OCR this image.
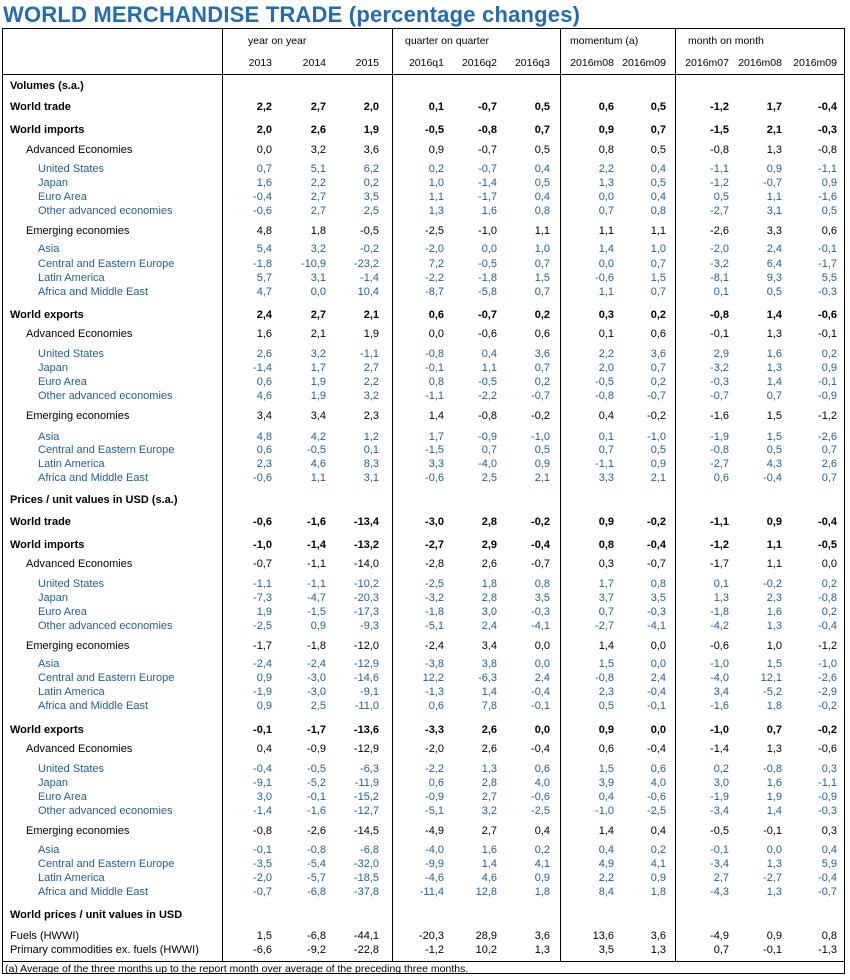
WORLD MERCHANDISE TRADE (percentage changes)
year on year	quarter on quarter	momentum (a)	month on month
2013	2014	2015	2016q1	2016q2	2016q3 2016m08 2016m09 2016m07 2016m08 2016m09
Volumes (s.a.)
World trade	2,2	2,7	2,0	0,1	-0,7	0,5	0,6	0,5	-1,2	1,7	-0,4
World imports	2,0	2,6	1,9	-0,5	-0,8	0,7	0,9	0,7	-1,5	2,1	-0,3
Advanced Economies	0,0	3,2	3,6	0,9	-0,7	0,5	0,8	0,5	-0,8	1,3	-0,8
United States	0,7	5,1	6,2	0,2	-0,7	0,4	2,2	0,4	-1,1	0,9	-1,1
Japan	1,6	2,2	0,2	1,0	-1,4	0,5	1,3	0,5	-1,2	-0,7	0,9
Euro Area	-0,4	2,7	3,5	1,1	-1,7	0,4	0,0	0,4	0,5	1,1	-1,6
Other advanced economies	-0,6	2,7	2,5	1,3	1,6	0,8	0,7	0,8	-2,7	3,1	0,5
Emerging economies	4,8	1,8	-0,5	-2,5	-1,0	1,1	1,1	1,1	-2,6	3,3	0,6
Asia	5,4	3,2	-0,2	-2,0	0,0	1,0	1,4	1,0	-2,0	2,4	-0,1
Central and Eastern Europe	-1,8	-10,9	-23,2	7,2	-0,5	0,7	0,0	0,7	-3,2	6,4	-1,7
Latin America	5,7	3,1	-1,4	-2,2	-1,8	1,5	-0,6	1,5	-8,1	9,3	5,5
Africa and Middle East	4,7	0,0	10,4	-8,7	-5,8	0,7	1,1	0,7	0,1	0,5	-0,3
World exports	2,4	2,7	2,1	0,6	-0,7	0,2	0,3	0,2	-0,8	1,4	-0,6
Advanced Economies	1,6	2,1	1,9	0,0	-0,6	0,6	0,1	0,6	-0,1	1,3	-0,1
United States	2,6	3,2	-1,1	-0,8	0,4	3,6	2,2	3,6	2,9	1,6	0,2
Japan	-1,4	1,7	2,7	-0,1	1,1	0,7	2,0	0,7	-3,2	1,3	0,9
Euro Area	0,6	1,9	2,2	0,8	-0,5	0,2	-0,5	0,2	-0,3	1,4	-0,1
Other advanced economies	4,6	1,9	3,2	-1,1	-2,2	-0,7	-0,8	-0,7	-0,7	0,7	-0,9
Emerging economies	3,4	3,4	2,3	1,4	-0,8	-0,2	0,4	-0,2	-1,6	1,5	-1,2
Asia	4,8	4,2	1,2	1,7	-0,9	-1,0	0,1	-1,0	-1,9	1,5	-2,6
Central and Eastern Europe	0,6	-0,5	0,1	-1,5	0,7	0,5	0,7	0,5	-0,8	0,5	0,7
Latin America	2,3	4,6	8,3	3,3	-4,0	0,9	-1,1	0,9	-2,7	4,3	2,6
Africa and Middle East	-0,6	1,1	3,1	-0,6	2,5	2,1	3,3	2,1	0,6	-0,4	0,7
Prices / unit values in USD (s.a.)
World trade	-0,6	-1,6	-13,4	-3,0	2,8	-0,2	0,9	-0,2	-1,1	0,9	-0,4
World imports	-1,0	-1,4	-13,2	-2,7	2,9	-0,4	0,8	-0,4	-1,2	1,1	-0,5
Advanced Economies	-0,7	-1,1	-14,0	-2,8	2,6	-0,7	0,3	-0,7	-1,7	1,1	0,0
United States	-1,1	-1,1	-10,2	-2,5	1,8	0,8	1,7	0,8	0,1	-0,2	0,2
Japan	-7,3	-4,7	-20,3	-3,2	2,8	3,5	3,7	3,5	1,3	2,3	-0,8
Euro Area	1,9	-1,5	-17,3	-1,8	3,0	-0,3	0,7	-0,3	-1,8	1,6	0,2
Other advanced economies	-2,5	0,9	-9,3	-5,1	2,4	-4,1	-2,7	-4,1	-4,2	1,3	-0,4
Emerging economies	-1,7	-1,8	-12,0	-2,4	3,4	0,0	1,4	0,0	-0,6	1,0	-1,2
Asia	-2,4	-2,4	-12,9	-3,8	3,8	0,0	1,5	0,0	-1,0	1,5	-1,0
Central and Eastern Europe	0,9	-3,0	-14,6	12,2	-6,3	2,4	-0,8	2,4	-4,0	12,1	-2,6
Latin America	-1,9	-3,0	-9,1	-1,3	1,4	-0,4	2,3	-0,4	3,4	-5,2	-2,9
Africa and Middle East	0,9	2,5	-11,0	0,6	7,8	-0,1	0,5	-0,1	-1,6	1,8	-0,2
World exports	-0,1	-1,7	-13,6	-3,3	2,6	0,0	0,9	0,0	-1,0	0,7	-0,2
Advanced Economies	0,4	-0,9	-12,9	-2,0	2,6	-0,4	0,6	-0,4	-1,4	1,3	-0,6
United States	-0,4	-0,5	-6,3	-2,2	1,3	0,6	1,5	0,6	0,2	-0,8	0,3
Japan	-9,1	-5,2	-11,9	0,6	2,8	4,0	3,9	4,0	3,0	1,6	-1,1
Euro Area	3,0	-0,1	-15,2	-0,9	2,7	-0,6	0,4	-0,6	-1,9	1,9	-0,9
Other advanced economies	-1,4	-1,6	-12,7	-5,1	3,2	-2,5	-1,0	-2,5	-3,4	1,4	-0,3
Emerging economies	-0,8	-2,6	-14,5	-4,9	2,7	0,4	1,4	0,4	-0,5	-0,1	0,3
Asia	-0,1	-0,8	-6,8	-4,0	1,6	0,2	0,4	0,2	-0,1	0,0	0,4
Central and Eastern Europe	-3,5	-5,4	-32,0	-9,9	1,4	4,1	4,9	4,1	-3,4	1,3	5,9
Latin America	-2,0	-5,7	-18,5	-4,6	4,6	0,9	2,2	0,9	2,7	-2,7	-0,4
Africa and Middle East	-0,7	-6,8	-37,8	-11,4	12,8	1,8	8,4	1,8	-4,3	1,3	-0,7
World prices / unit values in USD
Fuels (HWWI)	1,5	-6,8	-44,1	-20,3	28,9	3,6	13,6	3,6	-4,9	0,9	0,8
Primary commodities ex. fuels (HWWI)	-6,6	-9,2	-22,8	-1,2	10,2	1,3	3,5	1,3	0,7	-0,1	-1,3
(a) Average of the three months up to the report month over average of the preceding three months.
